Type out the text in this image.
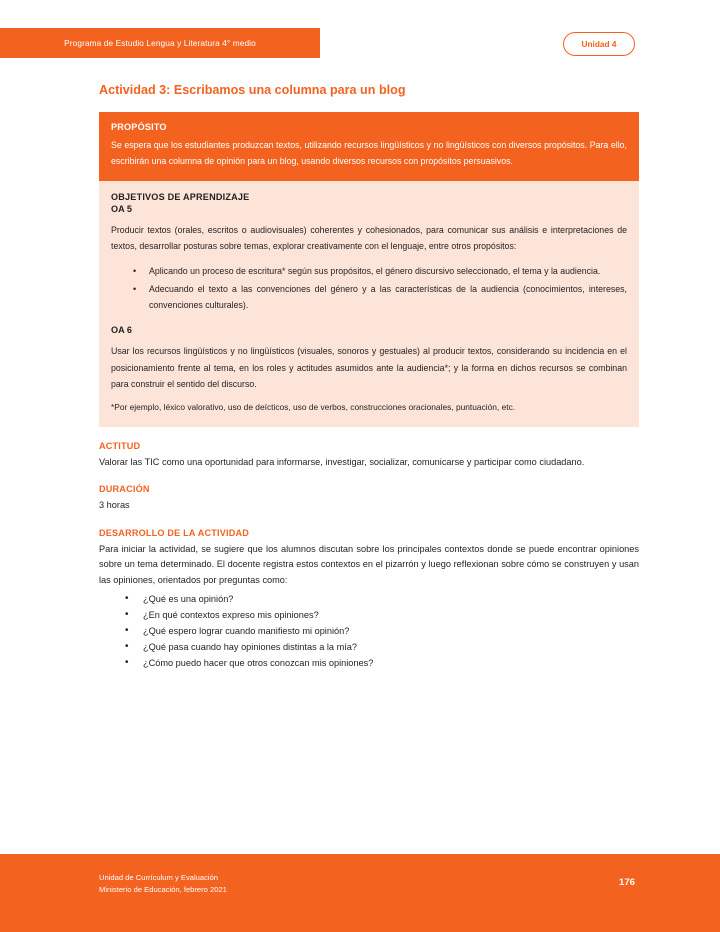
Programa de Estudio Lengua y Literatura 4° medio	Unidad 4
Actividad 3: Escribamos una columna para un blog
PROPÓSITO
Se espera que los estudiantes produzcan textos, utilizando recursos lingüísticos y no lingüísticos con diversos propósitos. Para ello, escribirán una columna de opinión para un blog, usando diversos recursos con propósitos persuasivos.
OBJETIVOS DE APRENDIZAJE
OA 5

Producir textos (orales, escritos o audiovisuales) coherentes y cohesionados, para comunicar sus análisis e interpretaciones de textos, desarrollar posturas sobre temas, explorar creativamente con el lenguaje, entre otros propósitos:

• Aplicando un proceso de escritura* según sus propósitos, el género discursivo seleccionado, el tema y la audiencia.
• Adecuando el texto a las convenciones del género y a las características de la audiencia (conocimientos, intereses, convenciones culturales).
OA 6

Usar los recursos lingüísticos y no lingüísticos (visuales, sonoros y gestuales) al producir textos, considerando su incidencia en el posicionamiento frente al tema, en los roles y actitudes asumidos ante la audiencia*; y la forma en dichos recursos se combinan para construir el sentido del discurso.

*Por ejemplo, léxico valorativo, uso de deícticos, uso de verbos, construcciones oracionales, puntuación, etc.
ACTITUD
Valorar las TIC como una oportunidad para informarse, investigar, socializar, comunicarse y participar como ciudadano.
DURACIÓN
3 horas
DESARROLLO DE LA ACTIVIDAD
Para iniciar la actividad, se sugiere que los alumnos discutan sobre los principales contextos donde se puede encontrar opiniones sobre un tema determinado. El docente registra estos contextos en el pizarrón y luego reflexionan sobre cómo se construyen y usan las opiniones, orientados por preguntas como:
• ¿Qué es una opinión?
• ¿En qué contextos expreso mis opiniones?
• ¿Qué espero lograr cuando manifiesto mi opinión?
• ¿Qué pasa cuando hay opiniones distintas a la mía?
• ¿Cómo puedo hacer que otros conozcan mis opiniones?
Unidad de Currículum y Evaluación
Ministerio de Educación, febrero 2021
176
